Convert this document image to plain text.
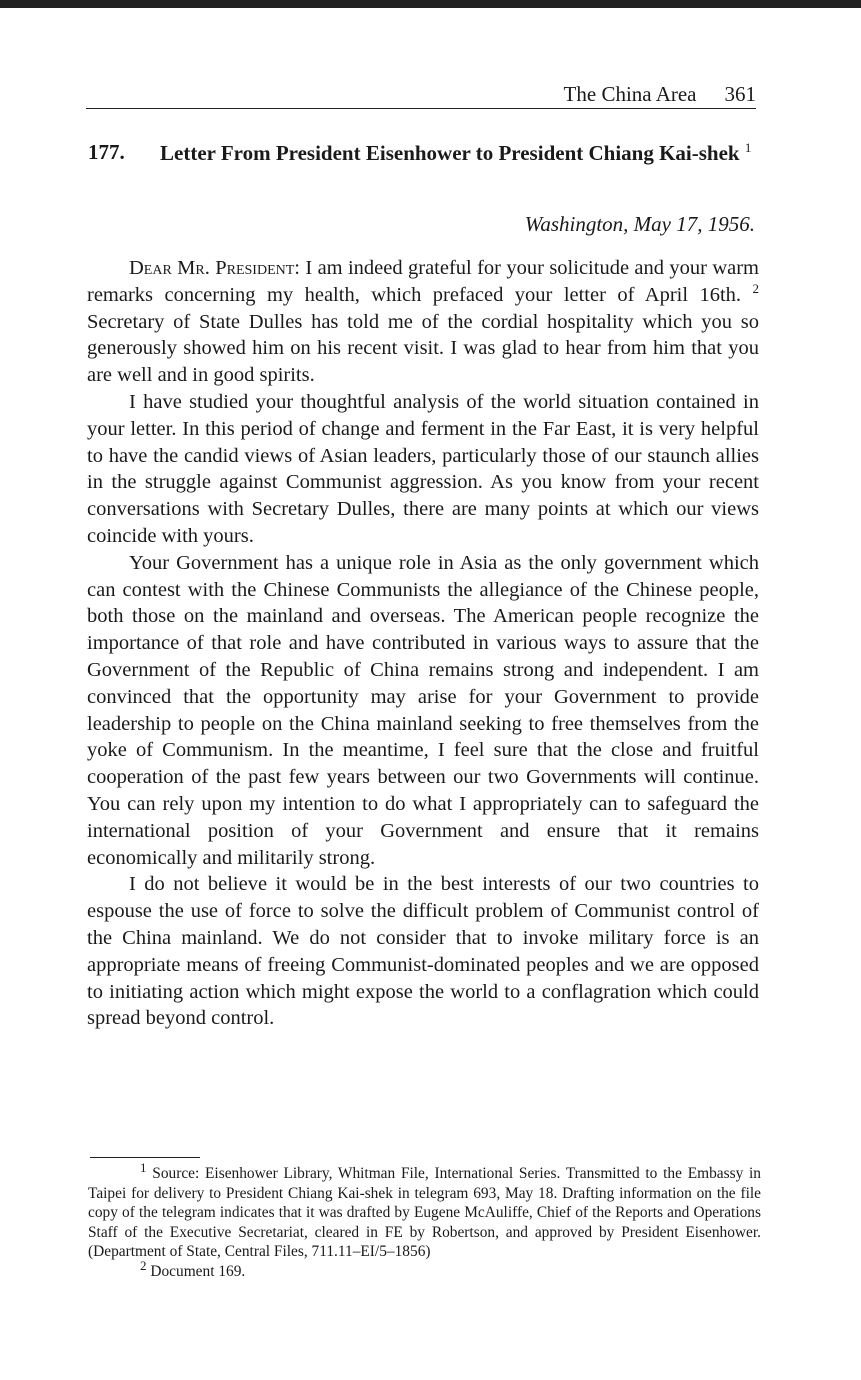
The China Area 361
177. Letter From President Eisenhower to President Chiang Kai-shek $^1$
Washington, May 17, 1956.

Dear Mr. President: I am indeed grateful for your solicitude and your warm remarks concerning my health, which prefaced your letter of April 16th. $^2$ Secretary of State Dulles has told me of the cordial hospitality which you so generously showed him on his recent visit. I was glad to hear from him that you are well and in good spirits.

I have studied your thoughtful analysis of the world situation contained in your letter. In this period of change and ferment in the Far East, it is very helpful to have the candid views of Asian leaders, particularly those of our staunch allies in the struggle against Communist aggression. As you know from your recent conversations with Secretary Dulles, there are many points at which our views coincide with yours.

Your Government has a unique role in Asia as the only government which can contest with the Chinese Communists the allegiance of the Chinese people, both those on the mainland and overseas. The American people recognize the importance of that role and have contributed in various ways to assure that the Government of the Republic of China remains strong and independent. I am convinced that the opportunity may arise for your Government to provide leadership to people on the China mainland seeking to free themselves from the yoke of Communism. In the meantime, I feel sure that the close and fruitful cooperation of the past few years between our two Governments will continue. You can rely upon my intention to do what I appropriately can to safeguard the international position of your Government and ensure that it remains economically and militarily strong.

I do not believe it would be in the best interests of our two countries to espouse the use of force to solve the difficult problem of Communist control of the China mainland. We do not consider that to invoke military force is an appropriate means of freeing Communist-dominated peoples and we are opposed to initiating action which might expose the world to a conflagration which could spread beyond control.

$^1$ Source: Eisenhower Library, Whitman File, International Series. Transmitted to the Embassy in Taipei for delivery to President Chiang Kai-shek in telegram 693, May 18. Drafting information on the file copy of the telegram indicates that it was drafted by Eugene McAuliffe, Chief of the Reports and Operations Staff of the Executive Secretariat, cleared in FE by Robertson, and approved by President Eisenhower. (Department of State, Central Files, 711.11–EI/5–1856)

$^2$ Document 169.
